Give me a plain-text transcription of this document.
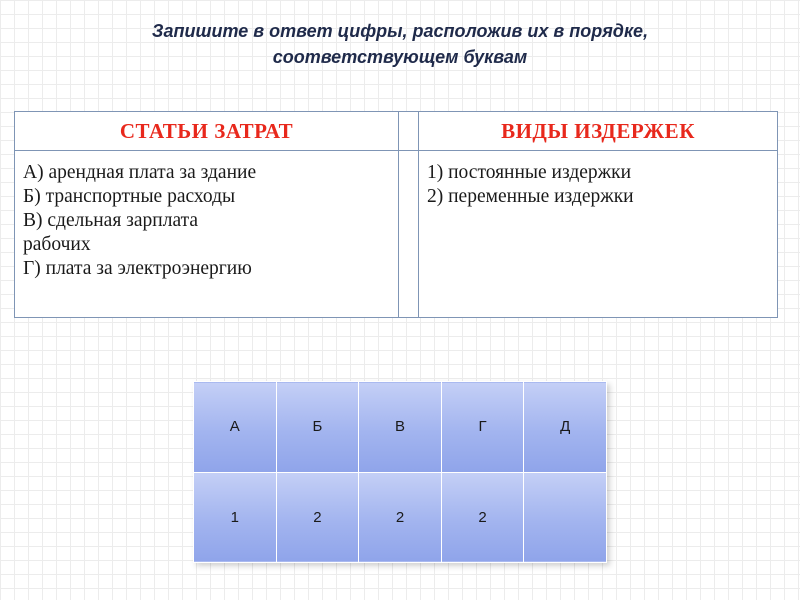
Запишите в ответ цифры, расположив их в порядке,
соответствующем буквам
СТАТЬИ ЗАТРАТ		ВИДЫ ИЗДЕРЖЕК

А) арендная плата за здание
Б) транспортные расходы
В) сдельная зарплата
рабочих
Г) плата за электроэнергию		1) постоянные издержки
2) переменные издержки
А	Б	В	Г	Д
1	2	2	2	
